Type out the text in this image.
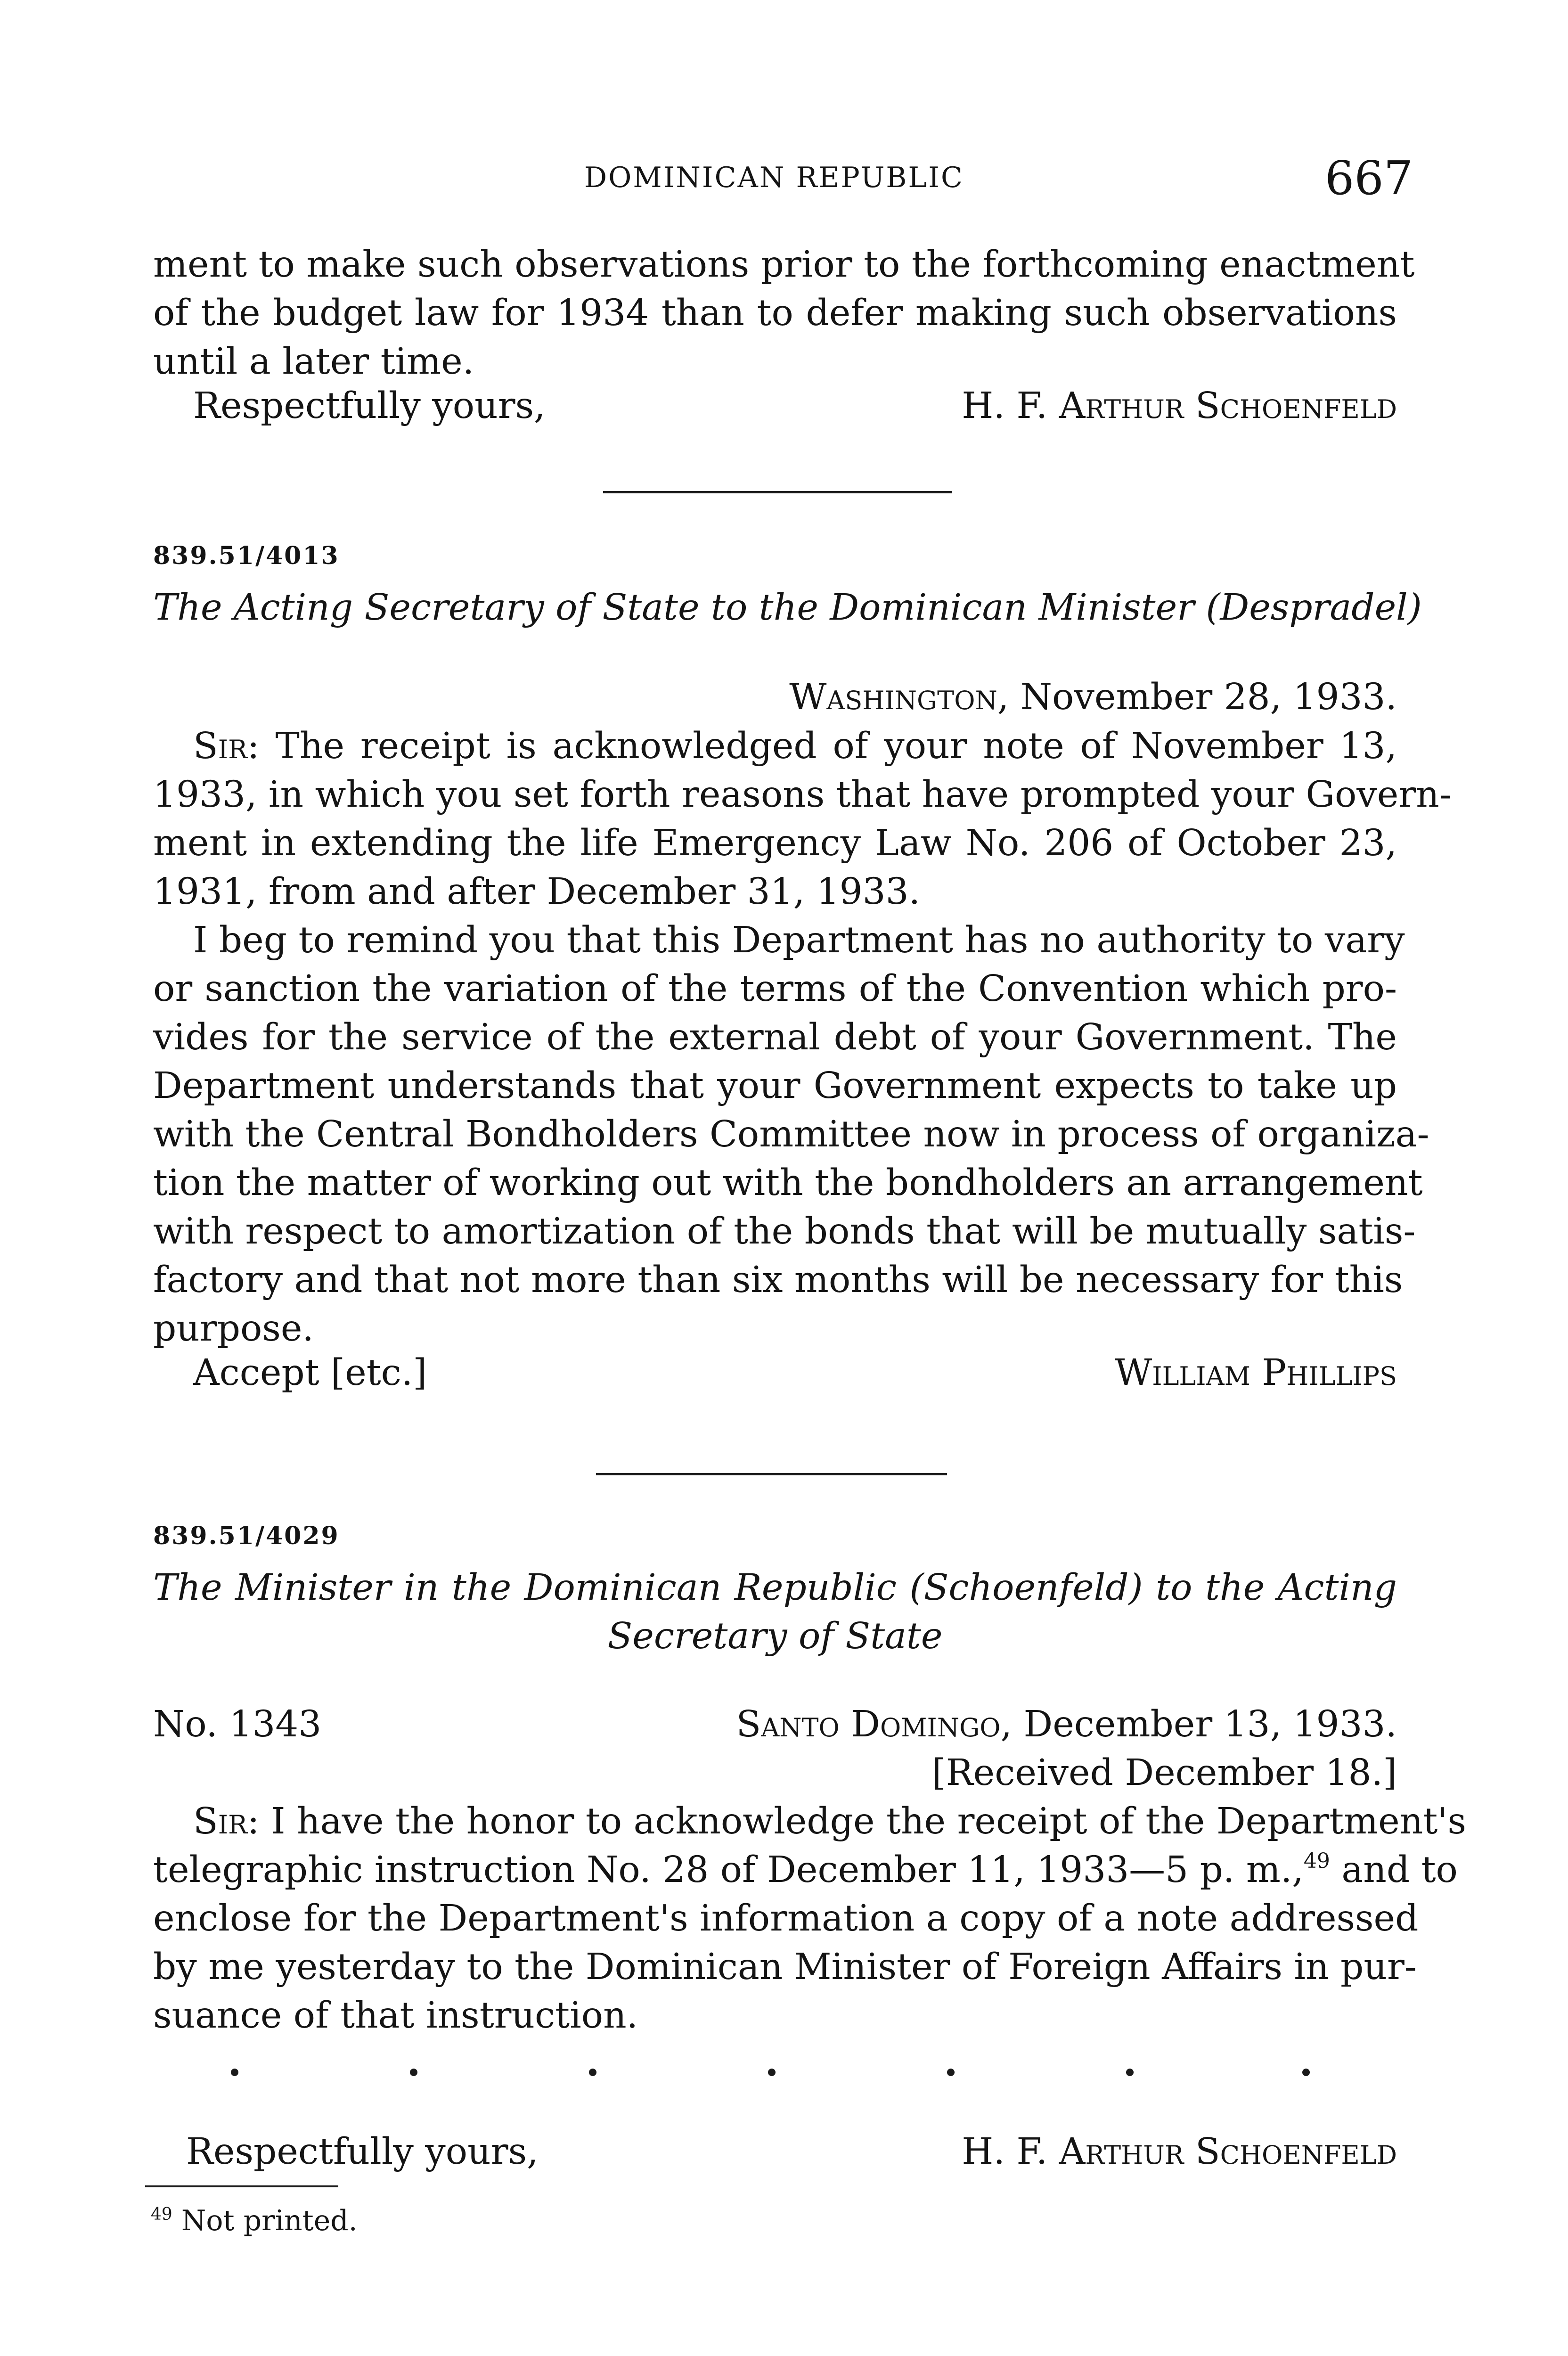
DOMINICAN REPUBLIC	667

ment to make such observations prior to the forthcoming enactment

of the budget law for 1934 than to defer making such observations

until a later time.

Respectfully yours,	H. F. Arthur Schoenfeld
839.51/4013

The Acting Secretary of State to the Dominican Minister (Despradel)

Washington, November 28, 1933.

Sir: The receipt is acknowledged of your note of November 13,

1933, in which you set forth reasons that have prompted your Govern-

ment in extending the life Emergency Law No. 206 of October 23,

1931, from and after December 31, 1933.

I beg to remind you that this Department has no authority to vary

or sanction the variation of the terms of the Convention which pro-

vides for the service of the external debt of your Government. The

Department understands that your Government expects to take up

with the Central Bondholders Committee now in process of organiza-

tion the matter of working out with the bondholders an arrangement

with respect to amortization of the bonds that will be mutually satis-

factory and that not more than six months will be necessary for this

purpose.

Accept [etc.]	William Phillips
839.51/4029

The Minister in the Dominican Republic (Schoenfeld) to the Acting

Secretary of State

No. 1343	Santo Domingo, December 13, 1933.

[Received December 18.]

Sir: I have the honor to acknowledge the receipt of the Department's

telegraphic instruction No. 28 of December 11, 1933—5 p. m.,$^{49}$ and to

enclose for the Department's information a copy of a note addressed

by me yesterday to the Dominican Minister of Foreign Affairs in pur-

suance of that instruction.

Respectfully yours,	H. F. Arthur Schoenfeld
$^{49}$ Not printed.
